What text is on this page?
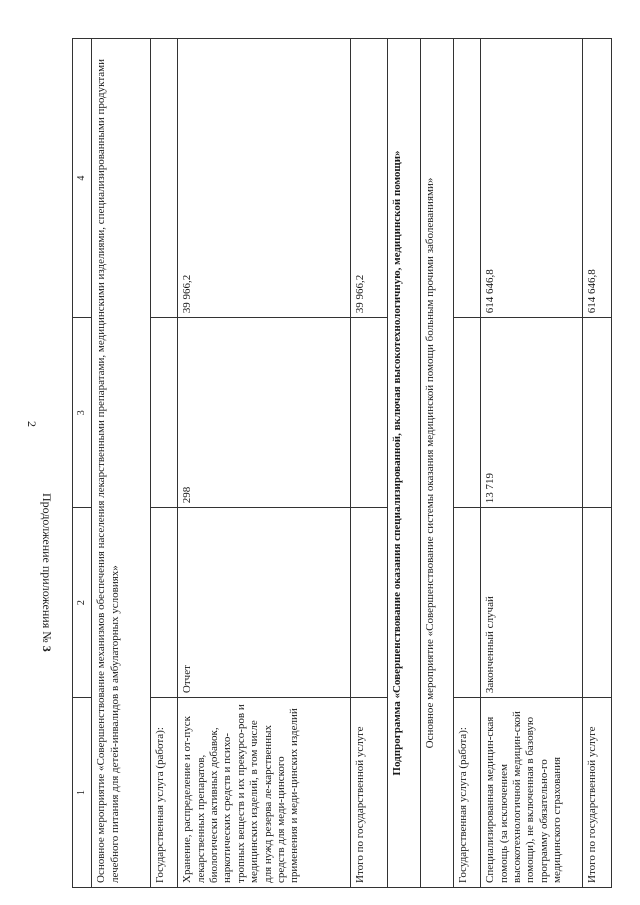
1	2	3	4
Основное мероприятие «Совершенствование механизмов обеспечения населения лекарственными препаратами, медицинскими изделиями, специализированными продуктами лечебного питания для детей-инвалидов в амбулаторных условиях»			
Государственная услуга (работа):			
Хранение, распределение и от-пуск лекарственных препаратов, биологически активных добавок, наркотических средств и психо-тропных веществ и их прекурсо-ров и медицинских изделий, в том числе для нужд резерва ле-карственных средств для меди-цинского применения и меди-цинских изделий	Отчет	298	39 966,2
Итого по государственной услуге			39 966,2
Подпрограмма «Совершенствование оказания специализированной, включая высокотехнологичную, медицинской помощи»			
Основное мероприятие «Совершенствование системы оказания медицинской помощи больным прочими заболеваниями»			
Государственная услуга (работа):			
Специализированная медицин-ская помощь (за исключением высокотехнологичной медицин-ской помощи), не включенная в базовую программу обязательно-го медицинского страхования	Законченный случай	13 719	614 646,8
Итого по государственной услуге			614 646,8
2
Продолжение приложения № 3
